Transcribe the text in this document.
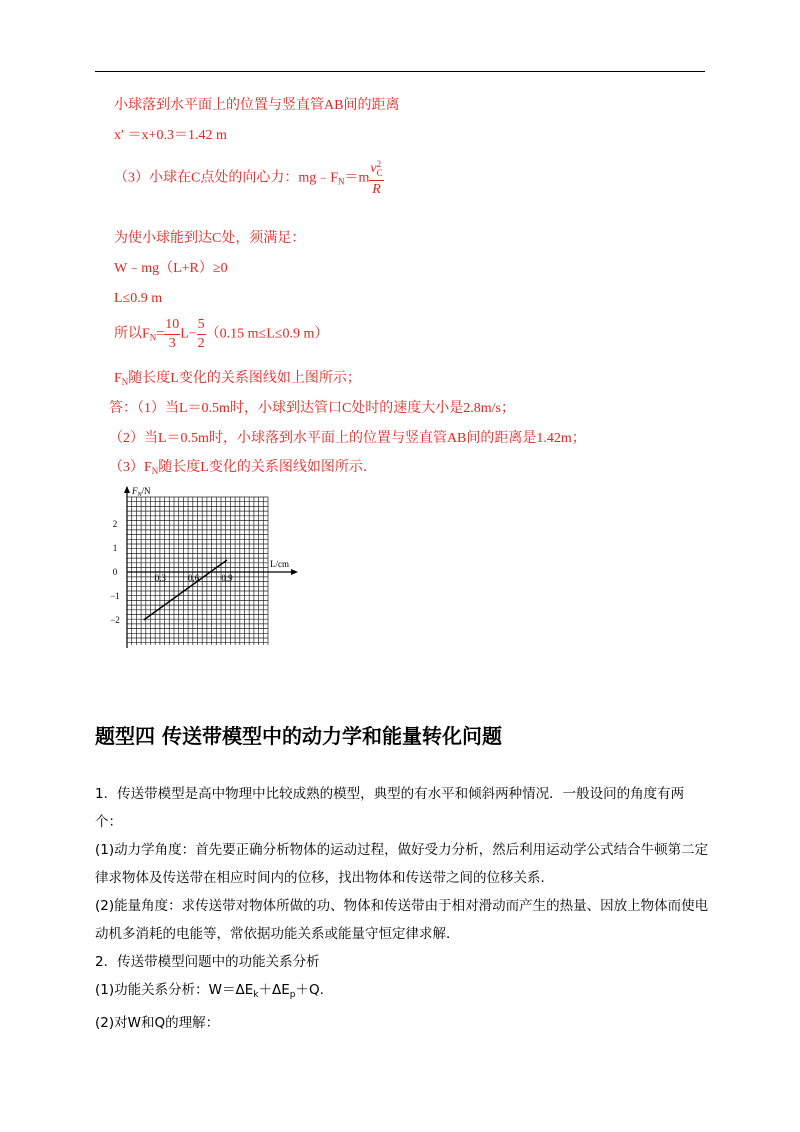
小球落到水平面上的位置与竖直管AB间的距离
x′ ＝x+0.3＝1.42 m
（3）小球在C点处的向心力：$mg﹣F_N=m$ v 2
C
R
为使小球能到达C处，须满足：
W﹣mg（L+R）≥0
L≤0.9 m
所以$F_N= \frac{10}{3} L- \frac{5}{2} (0.15$ m≤L≤0.9 m）
$F_N$随长度L变化的关系图线如上图所示；
答：（1）当L＝0.5m时，小球到达管口C处时的速度大小是2.8m/s；
（2）当L＝0.5m时，小球落到水平面上的位置与竖直管AB间的距离是1.42m；
$(3)F_N$随长度L变化的关系图线如图所示．
$F_N/N$
L/cm
2
1
0
−1
−2
0.3 0.6 0.9
题型四 传送带模型中的动力学和能量转化问题

1．传送带模型是高中物理中比较成熟的模型，典型的有水平和倾斜两种情况．一般设问的角度有两个：

(1)动力学角度：首先要正确分析物体的运动过程，做好受力分析，然后利用运动学公式结合牛顿第二定律求物体及传送带在相应时间内的位移，找出物体和传送带之间的位移关系．

(2)能量角度：求传送带对物体所做的功、物体和传送带由于相对滑动而产生的热量、因放上物体而使电动机多消耗的电能等，常依据功能关系或能量守恒定律求解．

2．传送带模型问题中的功能关系分析

(1)功能关系分析：$W=\Delta E_k+\Delta E_p+Q$.

(2)对W和Q的理解：
